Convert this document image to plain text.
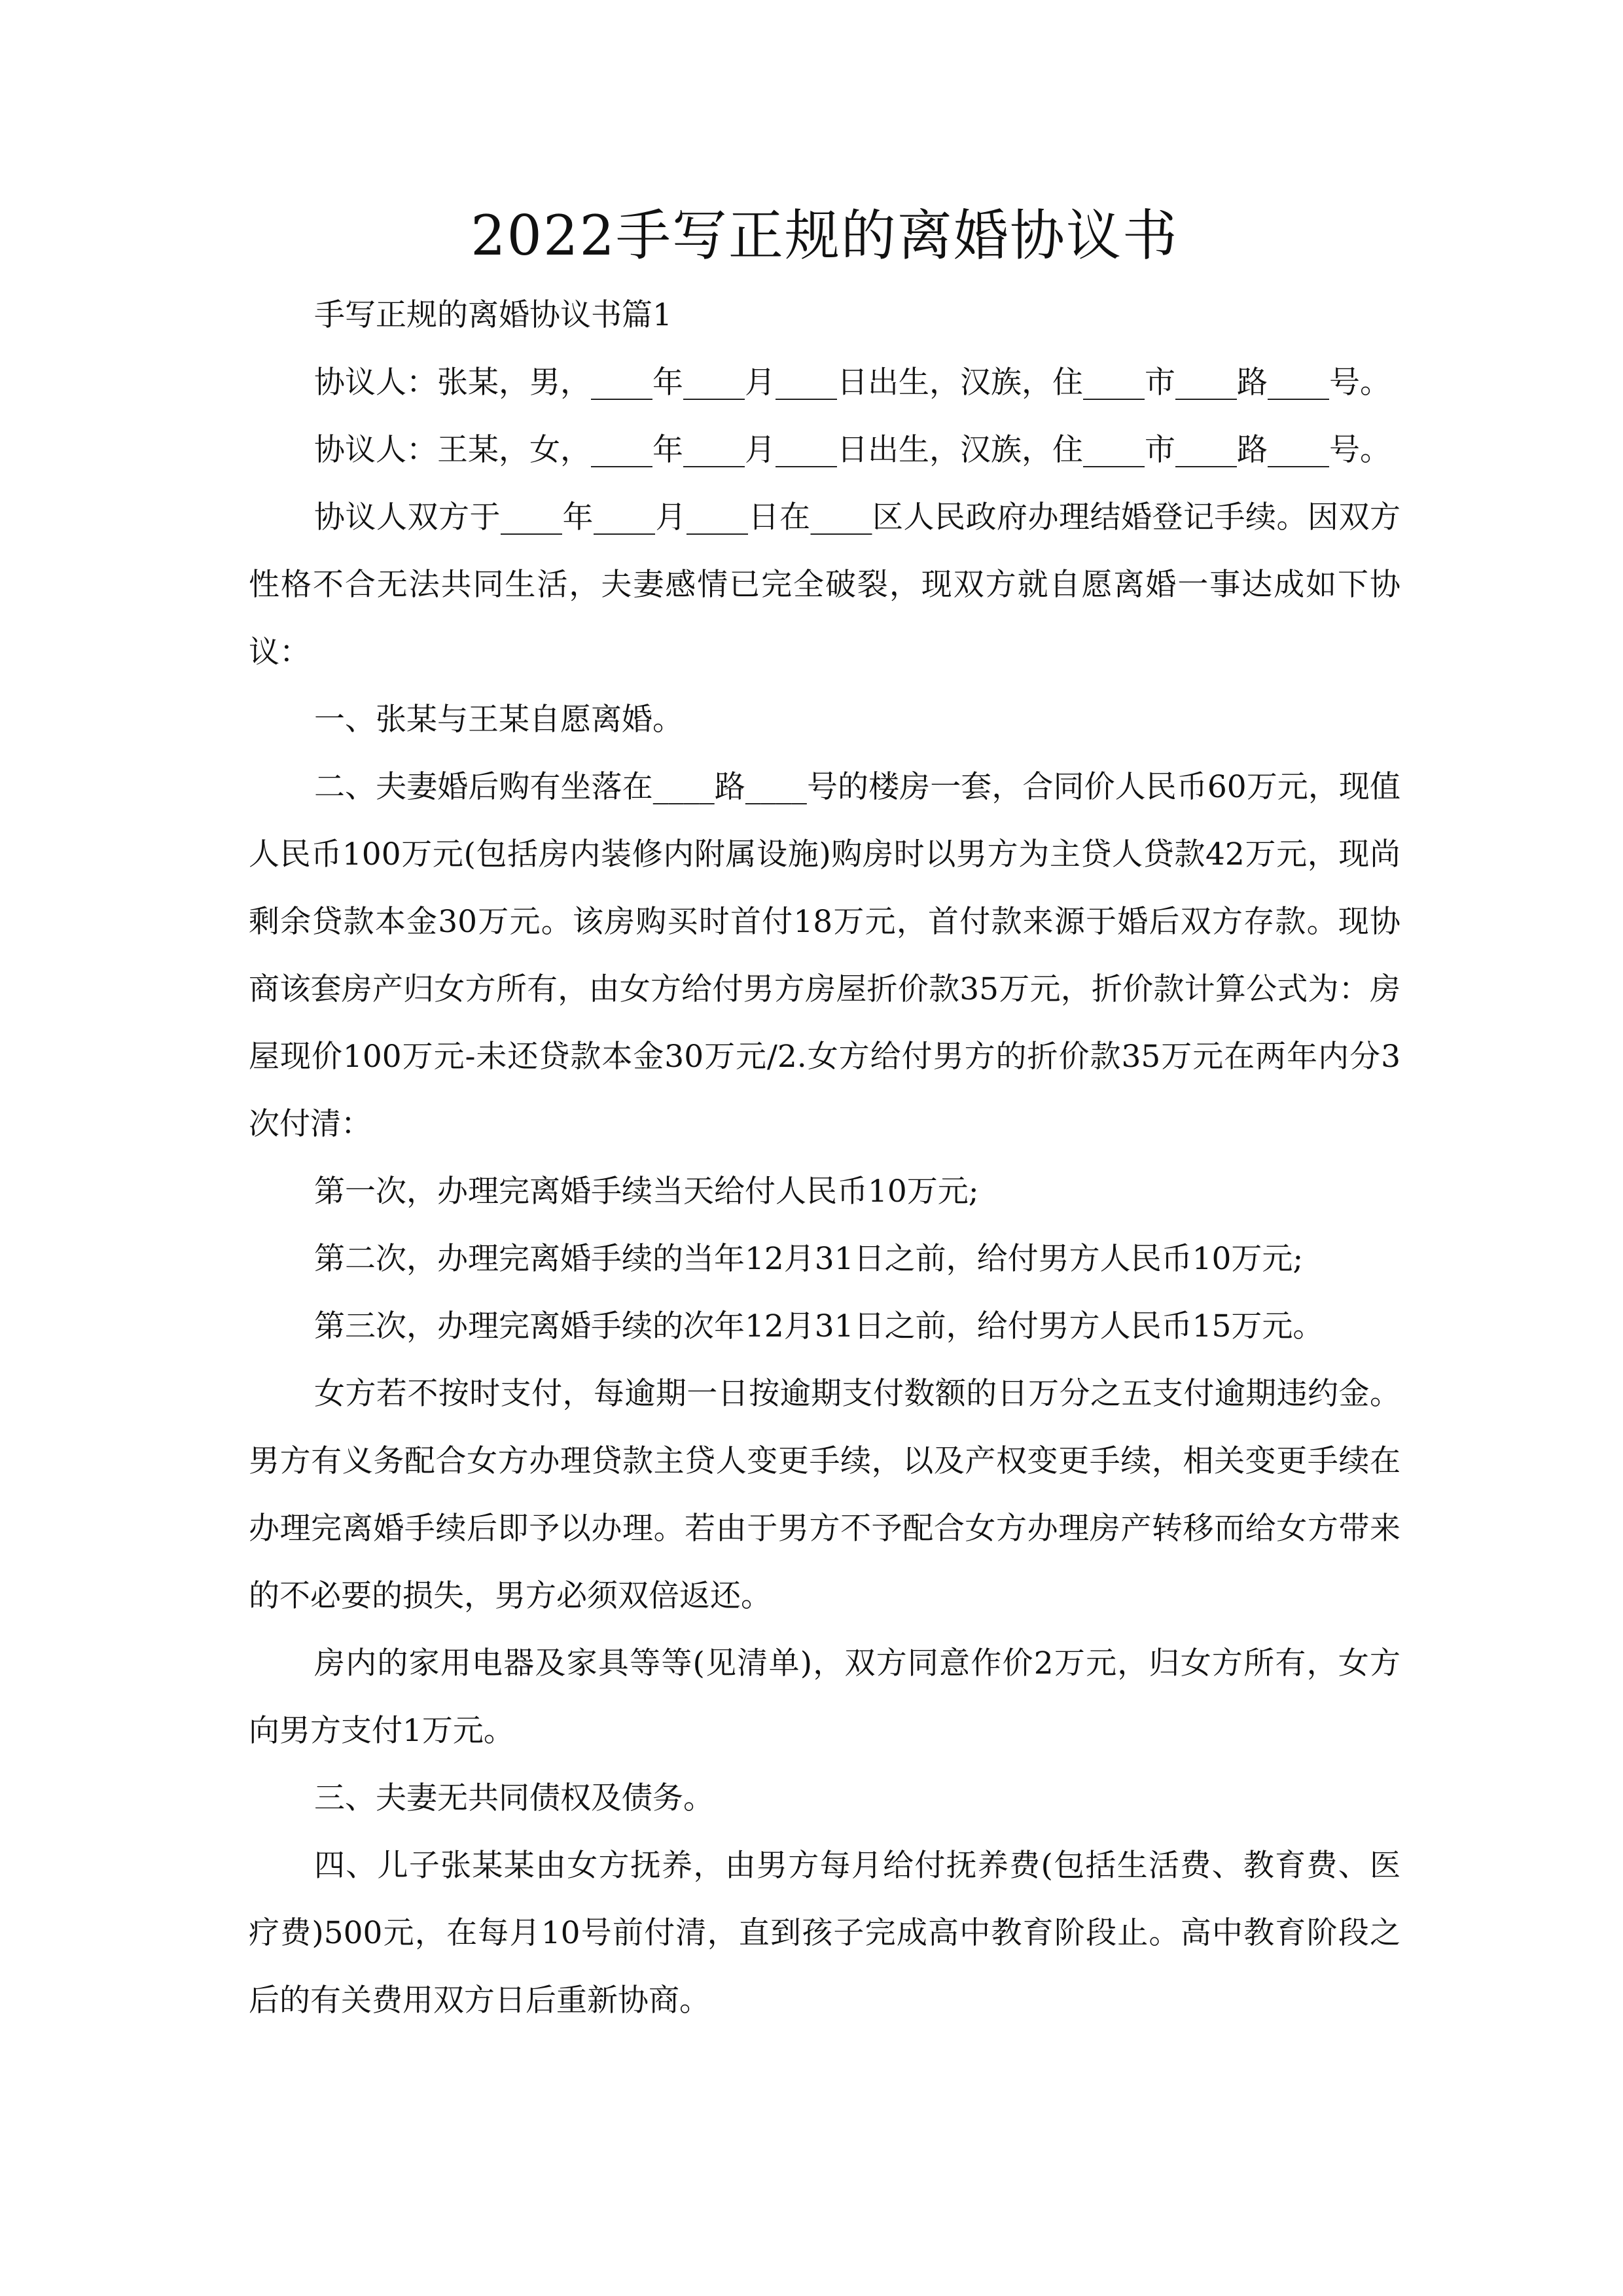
2022手写正规的离婚协议书

手写正规的离婚协议书篇1

协议人：张某，男，____年____月____日出生，汉族，住____市____路____号。

协议人：王某，女，____年____月____日出生，汉族，住____市____路____号。

协议人双方于____年____月____日在____区人民政府办理结婚登记手续。因双方性格不合无法共同生活，夫妻感情已完全破裂，现双方就自愿离婚一事达成如下协议：

一、张某与王某自愿离婚。

二、夫妻婚后购有坐落在____路____号的楼房一套，合同价人民币60万元，现值人民币100万元(包括房内装修内附属设施)购房时以男方为主贷人贷款42万元，现尚剩余贷款本金30万元。该房购买时首付18万元，首付款来源于婚后双方存款。现协商该套房产归女方所有，由女方给付男方房屋折价款35万元，折价款计算公式为：房屋现价100万元-未还贷款本金30万元/2.女方给付男方的折价款35万元在两年内分3次付清：

第一次，办理完离婚手续当天给付人民币10万元;

第二次，办理完离婚手续的当年12月31日之前，给付男方人民币10万元;

第三次，办理完离婚手续的次年12月31日之前，给付男方人民币15万元。

女方若不按时支付，每逾期一日按逾期支付数额的日万分之五支付逾期违约金。男方有义务配合女方办理贷款主贷人变更手续，以及产权变更手续，相关变更手续在办理完离婚手续后即予以办理。若由于男方不予配合女方办理房产转移而给女方带来的不必要的损失，男方必须双倍返还。

房内的家用电器及家具等等(见清单)，双方同意作价2万元，归女方所有，女方向男方支付1万元。

三、夫妻无共同债权及债务。

四、儿子张某某由女方抚养，由男方每月给付抚养费(包括生活费、教育费、医疗费)500元，在每月10号前付清，直到孩子完成高中教育阶段止。高中教育阶段之后的有关费用双方日后重新协商。
